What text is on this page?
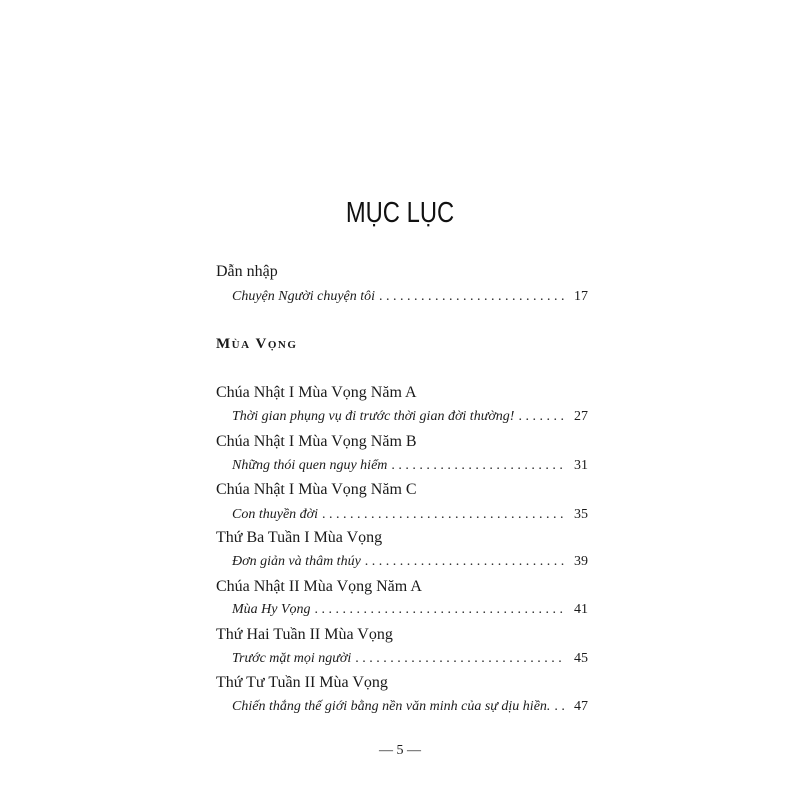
MỤC LỤC
Dẫn nhập
Chuyện Người chuyện tôi . . .	17
Mùa Vọng
Chúa Nhật I Mùa Vọng Năm A
Thời gian phụng vụ đi trước thời gian đời thường! . . .	27
Chúa Nhật I Mùa Vọng Năm B
Những thói quen nguy hiểm . . .	31
Chúa Nhật I Mùa Vọng Năm C
Con thuyền đời . . .	35
Thứ Ba Tuần I Mùa Vọng
Đơn giản và thâm thúy . . .	39
Chúa Nhật II Mùa Vọng Năm A
Mùa Hy Vọng . . .	41
Thứ Hai Tuần II Mùa Vọng
Trước mặt mọi người . . .	45
Thứ Tư Tuần II Mùa Vọng
Chiến thắng thế giới bằng nền văn minh của sự dịu hiền. . . .	47
— 5 —
